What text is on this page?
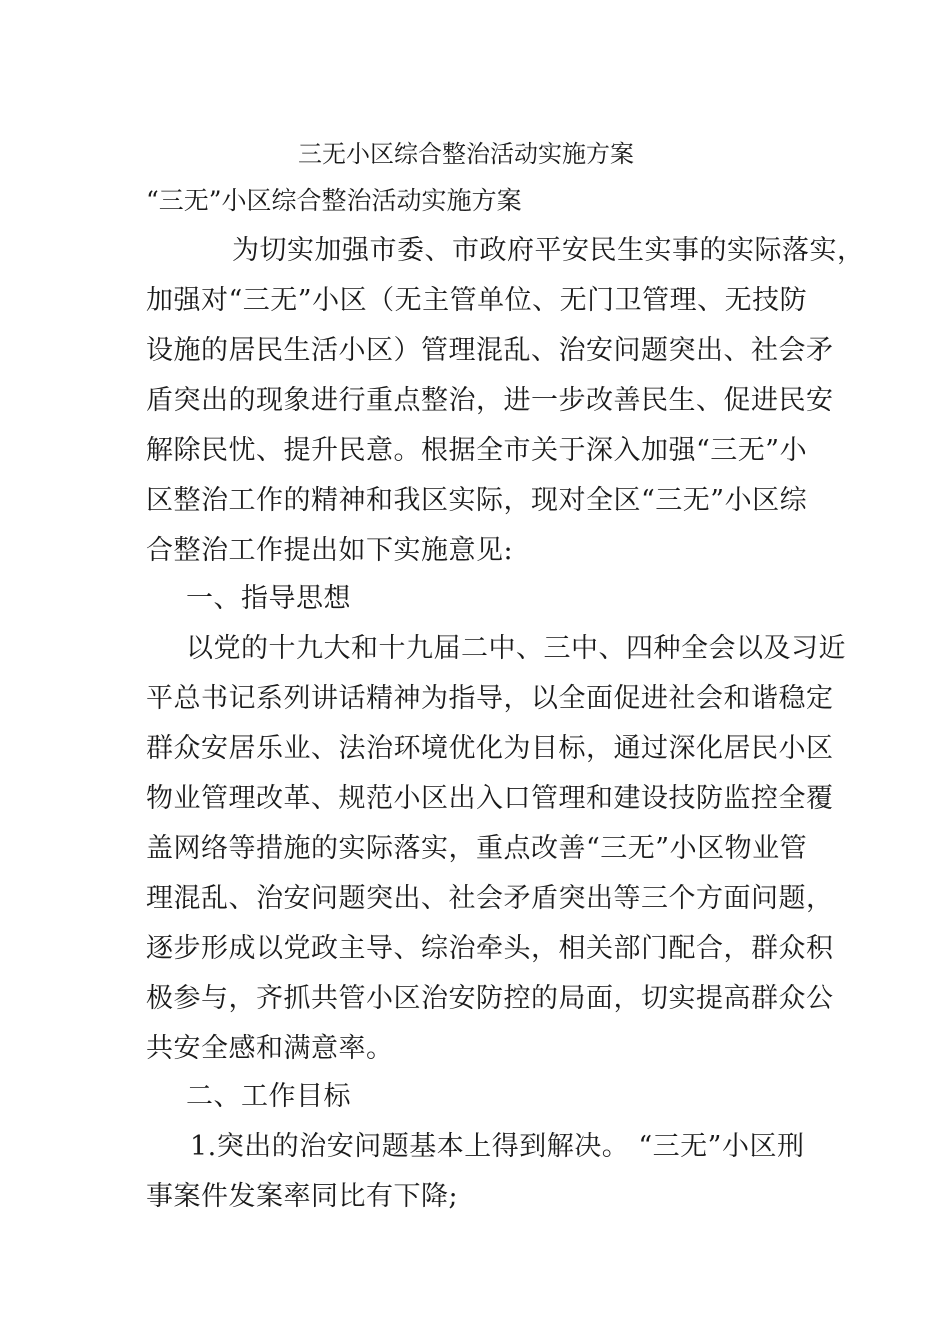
三无小区综合整治活动实施方案
“三无”小区综合整治活动实施方案
为切实加强市委、市政府平安民生实事的实际落实，
加强对“三无”小区（无主管单位、无门卫管理、无技防
设施的居民生活小区）管理混乱、治安问题突出、社会矛
盾突出的现象进行重点整治，进一步改善民生、促进民安
解除民忧、提升民意。根据全市关于深入加强“三无”小
区整治工作的精神和我区实际，现对全区“三无”小区综
合整治工作提出如下实施意见:
一、指导思想
以党的十九大和十九届二中、三中、四种全会以及习近
平总书记系列讲话精神为指导，以全面促进社会和谐稳定
群众安居乐业、法治环境优化为目标，通过深化居民小区
物业管理改革、规范小区出入口管理和建设技防监控全覆
盖网络等措施的实际落实，重点改善“三无”小区物业管
理混乱、治安问题突出、社会矛盾突出等三个方面问题，
逐步形成以党政主导、综治牵头，相关部门配合，群众积
极参与，齐抓共管小区治安防控的局面，切实提高群众公
共安全感和满意率。
二、工作目标
1.突出的治安问题基本上得到解决。 “三无”小区刑
事案件发案率同比有下降;
